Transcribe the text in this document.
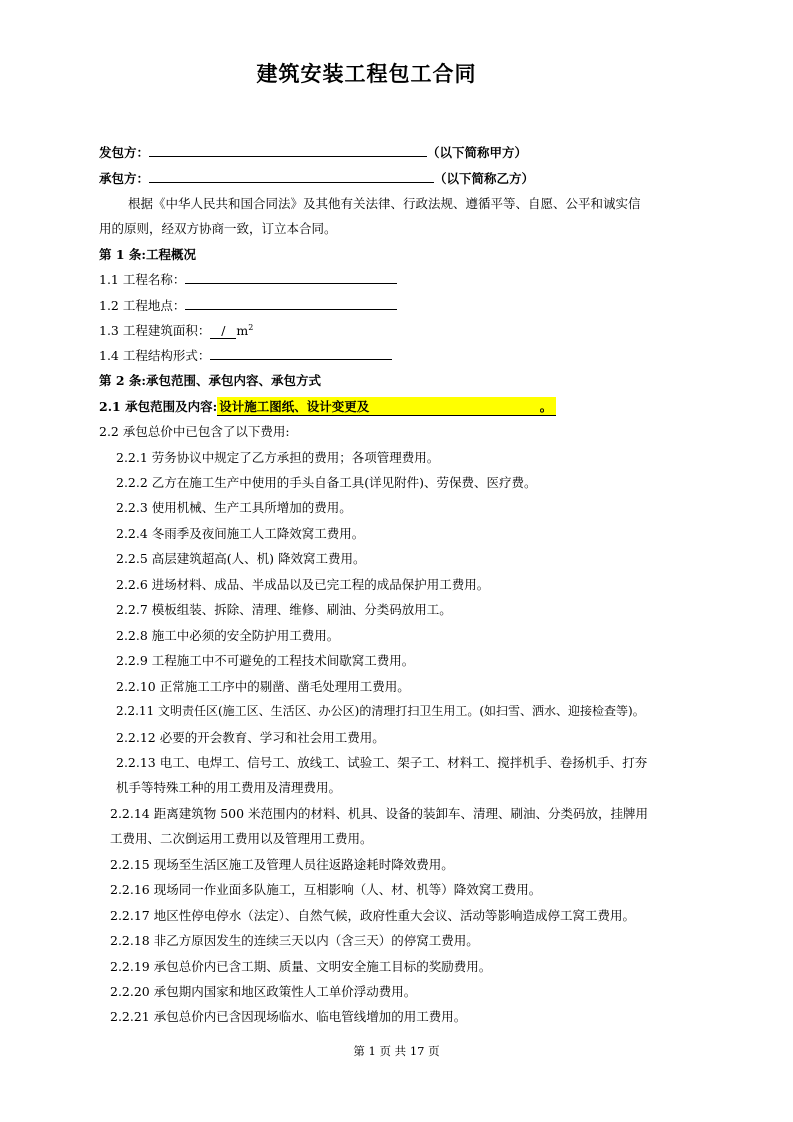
建筑安装工程包工合同
发包方：	（以下简称甲方）
承包方：	（以下简称乙方）
根据《中华人民共和国合同法》及其他有关法律、行政法规、遵循平等、自愿、公平和诚实信
用的原则，经双方协商一致，订立本合同。
第 1 条:工程概况
1.1 工程名称：
1.2 工程地点：
1.3 工程建筑面积： / $m^2$
1.4 工程结构形式：
第 2 条:承包范围、承包内容、承包方式
2.1 承包范围及内容: 设计施工图纸、设计变更及	。
2.2 承包总价中已包含了以下费用:
2.2.1 劳务协议中规定了乙方承担的费用；各项管理费用。
2.2.2 乙方在施工生产中使用的手头自备工具(详见附件)、劳保费、医疗费。
2.2.3 使用机械、生产工具所增加的费用。
2.2.4 冬雨季及夜间施工人工降效窝工费用。
2.2.5 高层建筑超高(人、机) 降效窝工费用。
2.2.6 进场材料、成品、半成品以及已完工程的成品保护用工费用。
2.2.7 模板组装、拆除、清理、维修、刷油、分类码放用工。
2.2.8 施工中必须的安全防护用工费用。
2.2.9 工程施工中不可避免的工程技术间歇窝工费用。
2.2.10 正常施工工序中的剔凿、凿毛处理用工费用。
2.2.11 文明责任区(施工区、生活区、办公区)的清理打扫卫生用工。(如扫雪、洒水、迎接检查等)。
2.2.12 必要的开会教育、学习和社会用工费用。
2.2.13 电工、电焊工、信号工、放线工、试验工、架子工、材料工、搅拌机手、卷扬机手、打夯
机手等特殊工种的用工费用及清理费用。
2.2.14 距离建筑物 500 米范围内的材料、机具、设备的装卸车、清理、刷油、分类码放，挂牌用
工费用、二次倒运用工费用以及管理用工费用。
2.2.15 现场至生活区施工及管理人员往返路途耗时降效费用。
2.2.16 现场同一作业面多队施工，互相影响（人、材、机等）降效窝工费用。
2.2.17 地区性停电停水（法定）、自然气候，政府性重大会议、活动等影响造成停工窝工费用。
2.2.18 非乙方原因发生的连续三天以内（含三天）的停窝工费用。
2.2.19 承包总价内已含工期、质量、文明安全施工目标的奖励费用。
2.2.20 承包期内国家和地区政策性人工单价浮动费用。
2.2.21 承包总价内已含因现场临水、临电管线增加的用工费用。
第 1 页 共 17 页
